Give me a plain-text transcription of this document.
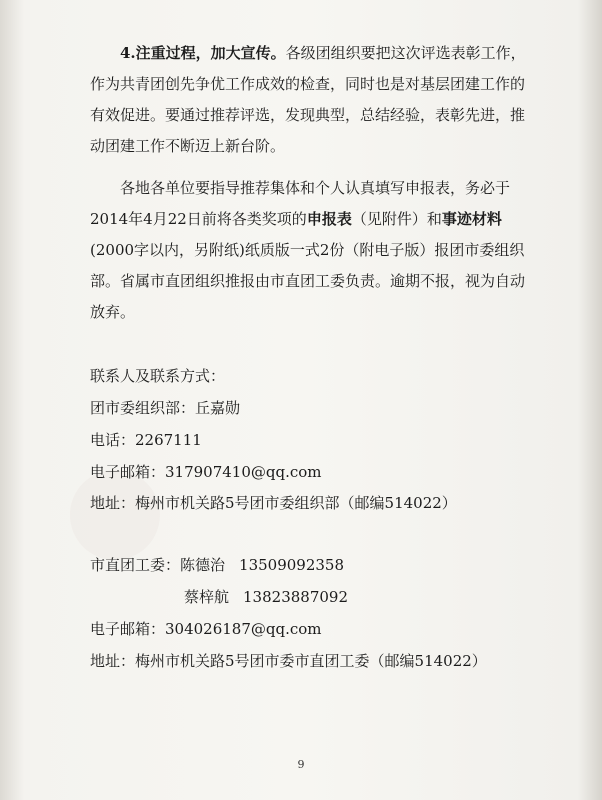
4.注重过程，加大宣传。各级团组织要把这次评选表彰工作，作为共青团创先争优工作成效的检查，同时也是对基层团建工作的有效促进。要通过推荐评选，发现典型，总结经验，表彰先进，推动团建工作不断迈上新台阶。

各地各单位要指导推荐集体和个人认真填写申报表，务必于2014年4月22日前将各类奖项的申报表（见附件）和事迹材料(2000字以内，另附纸)纸质版一式2份（附电子版）报团市委组织部。省属市直团组织推报由市直团工委负责。逾期不报，视为自动放弃。

联系人及联系方式：
团市委组织部：丘嘉勋
电话：2267111
电子邮箱：317907410@qq.com
地址：梅州市机关路5号团市委组织部（邮编514022）
市直团工委：陈德治 13509092358
蔡梓航 13823887092
电子邮箱：304026187@qq.com
地址：梅州市机关路5号团市委市直团工委（邮编514022）
9
